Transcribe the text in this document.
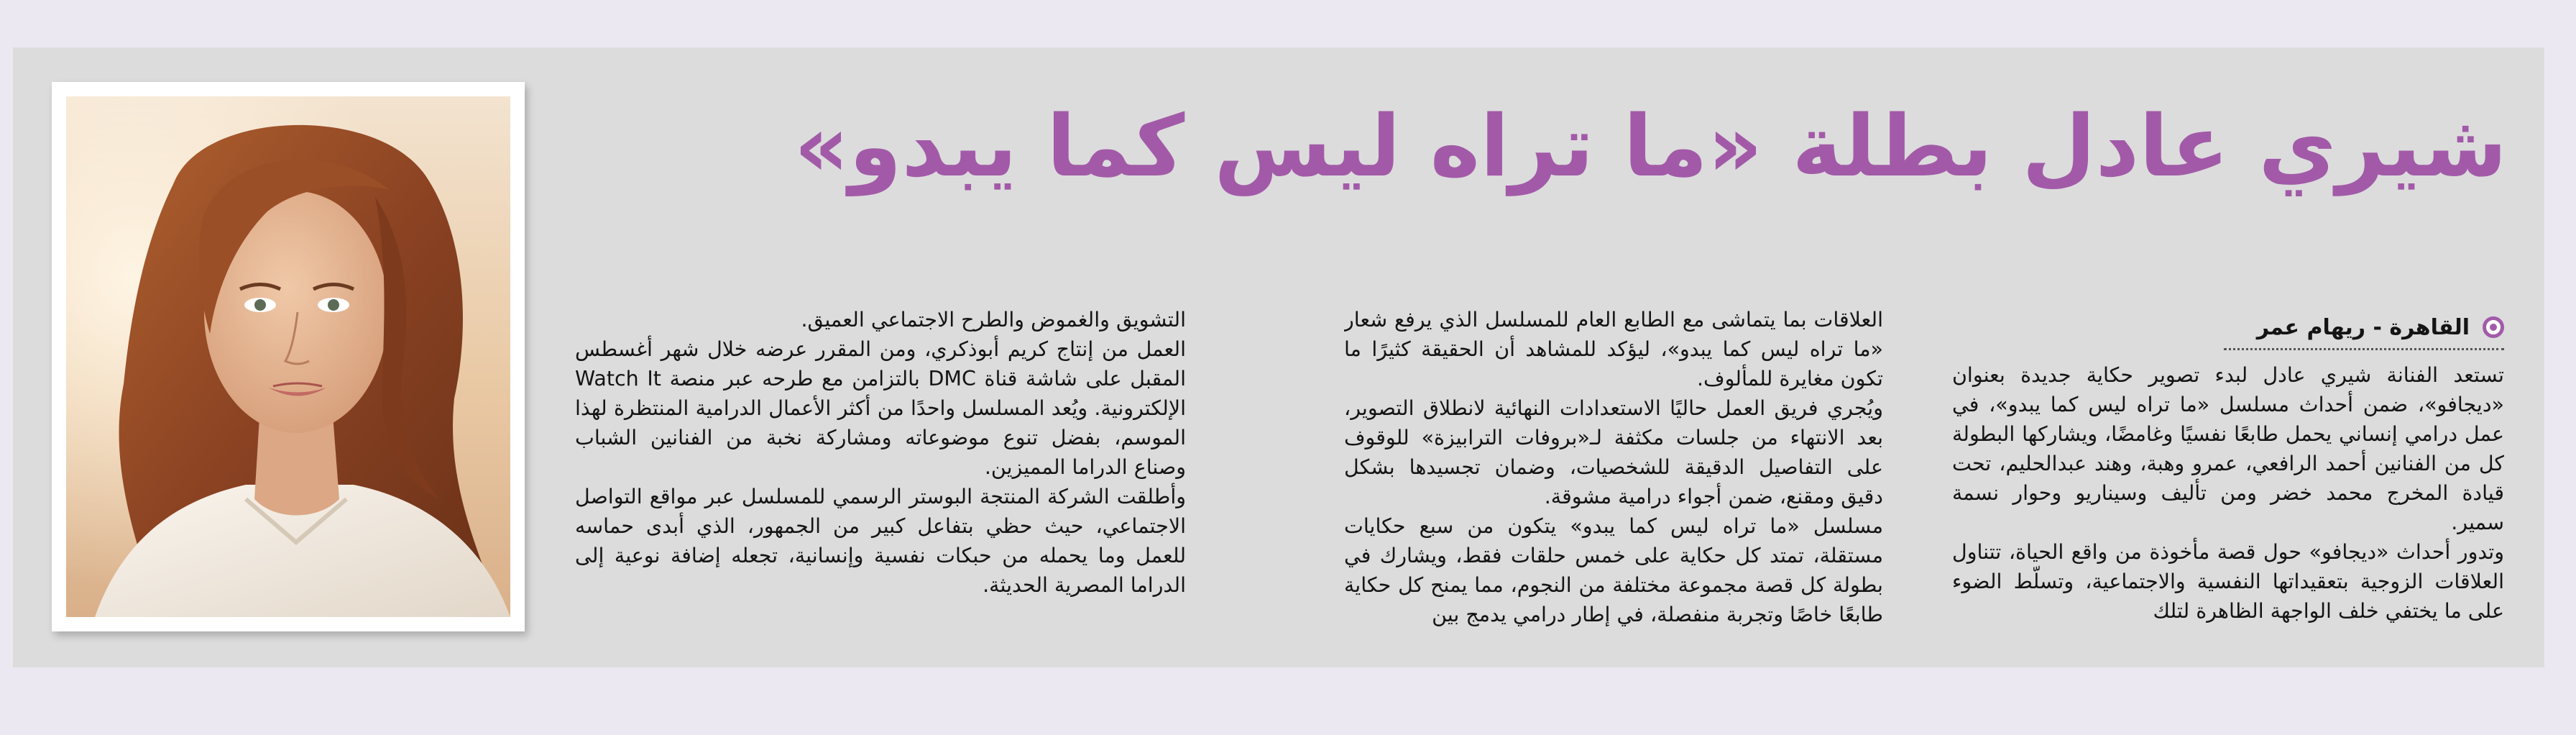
شيري عادل بطلة «ما تراه ليس كما يبدو»
القاهرة - ريهام عمر

تستعد الفنانة شيري عادل لبدء تصوير حكاية جديدة بعنوان «ديجافو»، ضمن أحداث مسلسل «ما تراه ليس كما يبدو»، في عمل درامي إنساني يحمل طابعًا نفسيًا وغامضًا، ويشاركها البطولة كل من الفنانين أحمد الرافعي، عمرو وهبة، وهند عبدالحليم، تحت قيادة المخرج محمد خضر ومن تأليف وسيناريو وحوار نسمة سمير.

وتدور أحداث «ديجافو» حول قصة مأخوذة من واقع الحياة، تتناول العلاقات الزوجية بتعقيداتها النفسية والاجتماعية، وتسلّط الضوء على ما يختفي خلف الواجهة الظاهرة لتلك

العلاقات بما يتماشى مع الطابع العام للمسلسل الذي يرفع شعار «ما تراه ليس كما يبدو»، ليؤكد للمشاهد أن الحقيقة كثيرًا ما تكون مغايرة للمألوف.

ويُجري فريق العمل حاليًا الاستعدادات النهائية لانطلاق التصوير، بعد الانتهاء من جلسات مكثفة لـ«بروفات الترابيزة» للوقوف على التفاصيل الدقيقة للشخصيات، وضمان تجسيدها بشكل دقيق ومقنع، ضمن أجواء درامية مشوقة.

مسلسل «ما تراه ليس كما يبدو» يتكون من سبع حكايات مستقلة، تمتد كل حكاية على خمس حلقات فقط، ويشارك في بطولة كل قصة مجموعة مختلفة من النجوم، مما يمنح كل حكاية طابعًا خاصًا وتجربة منفصلة، في إطار درامي يدمج بين

التشويق والغموض والطرح الاجتماعي العميق.

العمل من إنتاج كريم أبوذكري، ومن المقرر عرضه خلال شهر أغسطس المقبل على شاشة قناة DMC بالتزامن مع طرحه عبر منصة Watch It الإلكترونية. ويُعد المسلسل واحدًا من أكثر الأعمال الدرامية المنتظرة لهذا الموسم، بفضل تنوع موضوعاته ومشاركة نخبة من الفنانين الشباب وصناع الدراما المميزين.

وأطلقت الشركة المنتجة البوستر الرسمي للمسلسل عبر مواقع التواصل الاجتماعي، حيث حظي بتفاعل كبير من الجمهور، الذي أبدى حماسه للعمل وما يحمله من حبكات نفسية وإنسانية، تجعله إضافة نوعية إلى الدراما المصرية الحديثة.
